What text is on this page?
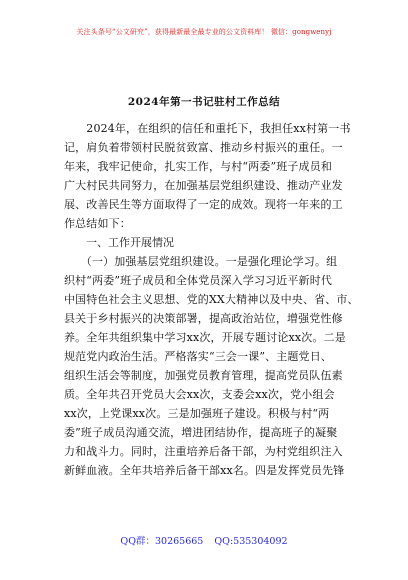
关注头条号“公文研究”，获得最新最全最专业的公文资料库！ 微信：gongwenyj
2024年第一书记驻村工作总结
　　2024年，在组织的信任和重托下，我担任xx村第一书
记，肩负着带领村民脱贫致富、推动乡村振兴的重任。一
年来，我牢记使命，扎实工作，与村“两委”班子成员和
广大村民共同努力，在加强基层党组织建设、推动产业发
展、改善民生等方面取得了一定的成效。现将一年来的工
作总结如下：
　　一、工作开展情况
　　（一）加强基层党组织建设。一是强化理论学习。组
织村“两委”班子成员和全体党员深入学习习近平新时代
中国特色社会主义思想、党的XX大精神以及中央、省、市、
县关于乡村振兴的决策部署，提高政治站位，增强党性修
养。全年共组织集中学习xx次，开展专题讨论xx次。二是
规范党内政治生活。严格落实“三会一课”、主题党日、
组织生活会等制度，加强党员教育管理，提高党员队伍素
质。全年共召开党员大会xx次，支委会xx次，党小组会
xx次，上党课xx次。三是加强班子建设。积极与村“两
委”班子成员沟通交流，增进团结协作，提高班子的凝聚
力和战斗力。同时，注重培养后备干部，为村党组织注入
新鲜血液。全年共培养后备干部xx名。四是发挥党员先锋
QQ群：30265665 QQ:535304092
